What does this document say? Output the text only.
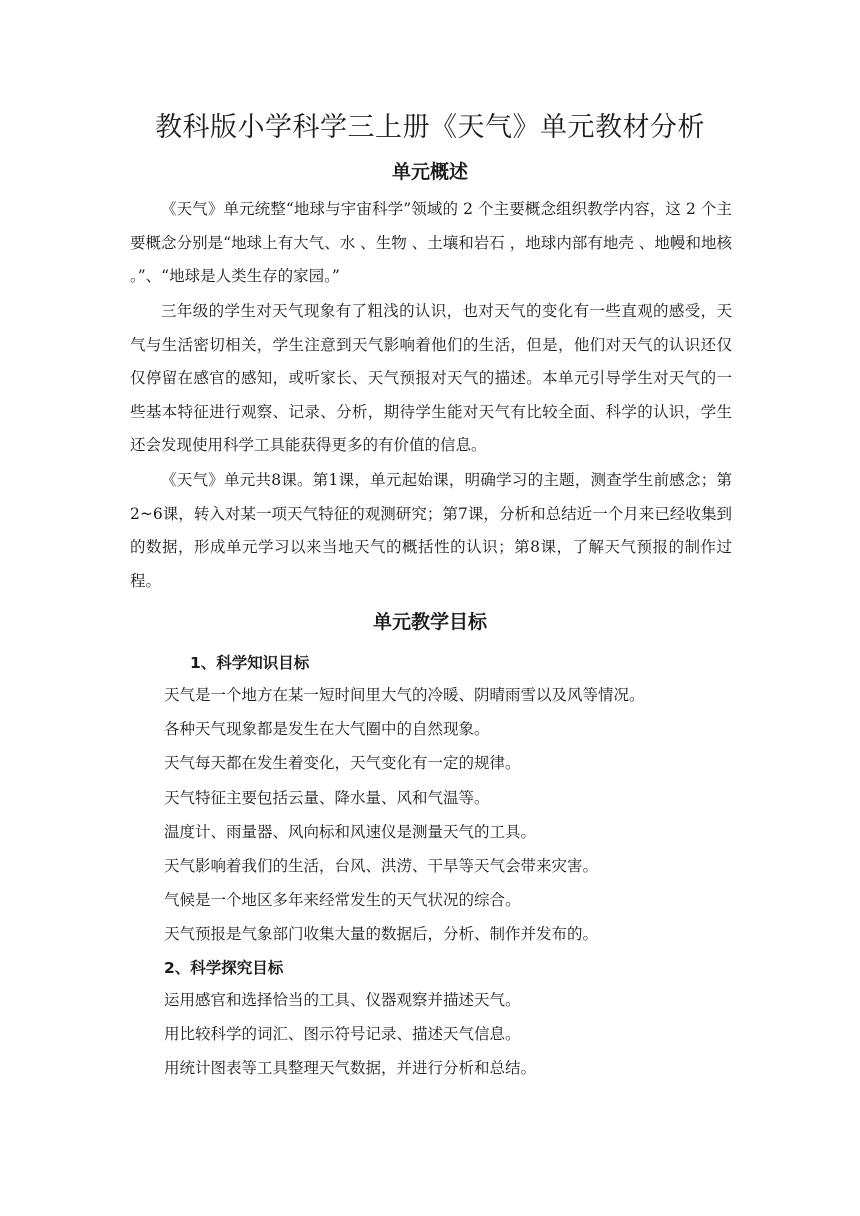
教科版小学科学三上册《天气》单元教材分析
单元概述

《天气》单元统整“地球与宇宙科学”领域的 2 个主要概念组织教学内容，这 2 个主要概念分别是“地球上有大气、水 、生物 、土壤和岩石 ，地球内部有地壳 、地幔和地核 。”、“地球是人类生存的家园。”

三年级的学生对天气现象有了粗浅的认识，也对天气的变化有一些直观的感受，天气与生活密切相关，学生注意到天气影响着他们的生活，但是，他们对天气的认识还仅仅停留在感官的感知，或听家长、天气预报对天气的描述。本单元引导学生对天气的一些基本特征进行观察、记录、分析，期待学生能对天气有比较全面、科学的认识，学生还会发现使用科学工具能获得更多的有价值的信息。

《天气》单元共8课。第1课，单元起始课，明确学习的主题，测查学生前感念；第2~6课，转入对某一项天气特征的观测研究；第7课，分析和总结近一个月来已经收集到的数据，形成单元学习以来当地天气的概括性的认识；第8课，了解天气预报的制作过程。

单元教学目标
1、科学知识目标
天气是一个地方在某一短时间里大气的冷暖、阴晴雨雪以及风等情况。
各种天气现象都是发生在大气圈中的自然现象。
天气每天都在发生着变化，天气变化有一定的规律。
天气特征主要包括云量、降水量、风和气温等。
温度计、雨量器、风向标和风速仪是测量天气的工具。
天气影响着我们的生活，台风、洪涝、干旱等天气会带来灾害。
气候是一个地区多年来经常发生的天气状况的综合。
天气预报是气象部门收集大量的数据后，分析、制作并发布的。
2、科学探究目标
运用感官和选择恰当的工具、仪器观察并描述天气。
用比较科学的词汇、图示符号记录、描述天气信息。
用统计图表等工具整理天气数据，并进行分析和总结。
